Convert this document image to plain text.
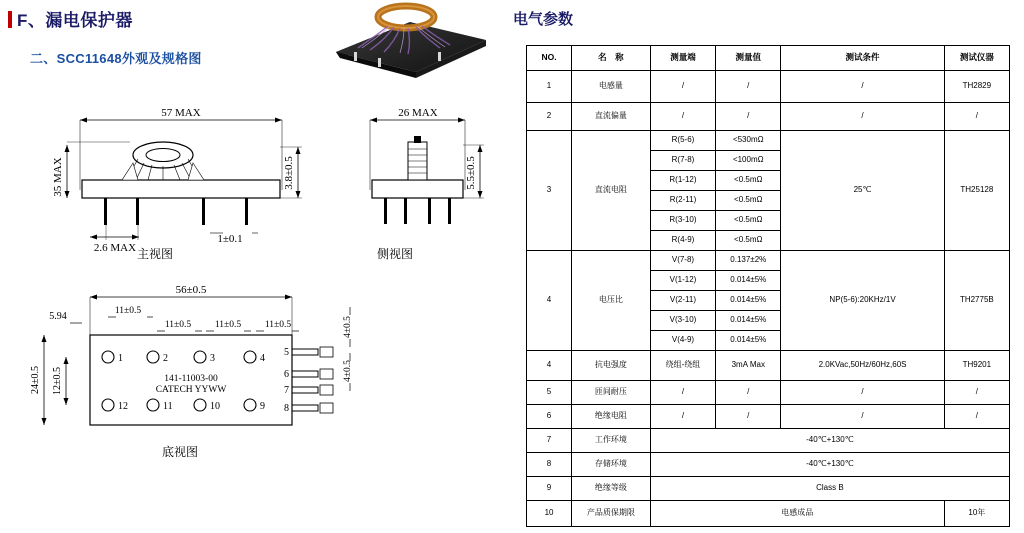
F、漏电保护器
二、SCC11648外观及规格图
57 MAX
35 MAX	3.8±0.5
2.6 MAX
1±0.1
主视图
26 MAX
5.5±0.5
侧视图
56±0.5
11±0.5
11±0.5	11±0.5	11±0.5
5.94
1	2	3	4
12	11	10	9
141-11003-00
CATECH YYWW
5
6
7
8
4±0.5
4±0.5
24±0.5 12±0.5
底视图
电气参数
NO.	名　称	测量端	测量值	测试条件	测试仪器
1	电感量	/	/	/	TH2829
2	直流偏量	/	/	/	/
3	直流电阻	R(5-6)	<530mΩ	25℃	TH25128
		R(7-8)	<100mΩ		
		R(1-12)	<0.5mΩ		
		R(2-11)	<0.5mΩ		
		R(3-10)	<0.5mΩ		
		R(4-9)	<0.5mΩ		
4	电压比	V(7-8)	0.137±2%	NP(5-6):20KHz/1V	TH2775B
		V(1-12)	0.014±5%		
		V(2-11)	0.014±5%		
		V(3-10)	0.014±5%		
		V(4-9)	0.014±5%		
4	抗电强度	绕组-绕组	3mA Max	2.0KVac,50Hz/60Hz,60S	TH9201
5	匝间耐压	/	/	/	/
6	绝缘电阻	/	/	/	/
7	工作环境	-40℃+130℃			
8	存储环境	-40℃+130℃			
9	绝缘等级	Class B			
10	产品质保期限	电感成品			10年
